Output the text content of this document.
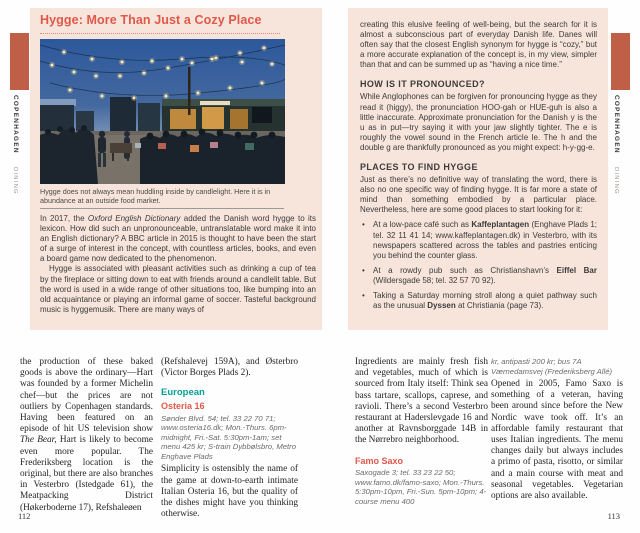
COPENHAGEN $_{DINING}$
COPENHAGEN $_{DINING}$
Hygge: More Than Just a Cozy Place

Hygge does not always mean huddling inside by candlelight. Here it is in abundance at an outside food market.

In 2017, the Oxford English Dictionary added the Danish word hygge to its lexicon. How did such an unpronounceable, untranslatable word make it into an English dictionary? A BBC article in 2015 is thought to have been the start of a surge of interest in the concept, with countless articles, books, and even a board game now dedicated to the phenomenon.

Hygge is associated with pleasant activities such as drinking a cup of tea by the fireplace or sitting down to eat with friends around a candlelit table. But the word is used in a wide range of other situations too, like bumping into an old acquaintance or playing an informal game of soccer. Tasteful background music is hyggemusik. There are many ways of

the production of these baked goods is above the ordinary—Hart was founded by a former Michelin chef—but the prices are not outliers by Copenhagen standards. Having been featured on an episode of hit US television show The Bear, Hart is likely to become even more popular. The Frederiksberg location is the original, but there are also branches in Vesterbro (Istedgade 61), the Meatpacking District (Høkerboderne 17), Refshaleøen

(Refshalevej 159A), and Østerbro (Victor Borges Plads 2).

European
Osteria 16

Sønder Blvd. 54; tel. 33 22 70 71; www.osteria16.dk; Mon.-Thurs. 6pm-midnight, Fri.-Sat. 5:30pm-1am; set menu 425 kr; S-train Dybbølsbro, Metro Enghave Plads

Simplicity is ostensibly the name of the game at down-to-earth intimate Italian Osteria 16, but the quality of the dishes might have you thinking otherwise.

112

creating this elusive feeling of well-being, but the search for it is almost a subconscious part of everyday Danish life. Danes will often say that the closest English synonym for hygge is “cozy,” but a more accurate explanation of the concept is, in my view, simpler than that and can be summed up as “having a nice time.”

HOW IS IT PRONOUNCED?

While Anglophones can be forgiven for pronouncing hygge as they read it (higgy), the pronunciation HOO-gah or HUE-guh is also a little inaccurate. Approximate pronunciation for the Danish y is the u as in put—try saying it with your jaw slightly tighter. The e is roughly the vowel sound in the French article le. The h and the double g are thankfully pronounced as you might expect: h-y-gg-e.

PLACES TO FIND HYGGE

Just as there’s no definitive way of translating the word, there is also no one specific way of finding hygge. It is far more a state of mind than something embodied by a particular place. Nevertheless, here are some good places to start looking for it:

•	At a low-pace café such as Kaffeplantagen (Enghave Plads 1; tel. 32 11 41 14; www.kaffeplantagen.dk) in Vesterbro, with its newspapers scattered across the tables and pastries enticing you behind the counter glass.
•	At a rowdy pub such as Christianshavn’s Eiffel Bar (Wildersgade 58; tel. 32 57 70 92).
•	Taking a Saturday morning stroll along a quiet pathway such as the unusual Dyssen at Christiania (page 73).

Ingredients are mainly fresh fish and vegetables, much of which is sourced from Italy itself: Think sea bass tartare, scallops, caprese, and ravioli. There’s a second Vesterbro restaurant at Haderslevgade 16 and another at Ravnsborggade 14B in the Nørrebro neighborhood.

Famo Saxo

Saxogade 3; tel. 33 23 22 50; www.famo.dk/famo-saxo; Mon.-Thurs. 5:30pm-10pm, Fri.-Sun. 5pm-10pm; 4-course menu 400

kr, antipasti 200 kr; bus 7A Værnedamsvej (Frederiksberg Allé)

Opened in 2005, Famo Saxo is something of a veteran, having been around since before the New Nordic wave took off. It’s an affordable family restaurant that uses Italian ingredients. The menu changes daily but always includes a primo of pasta, risotto, or similar and a main course with meat and seasonal vegetables. Vegetarian options are also available.

113
